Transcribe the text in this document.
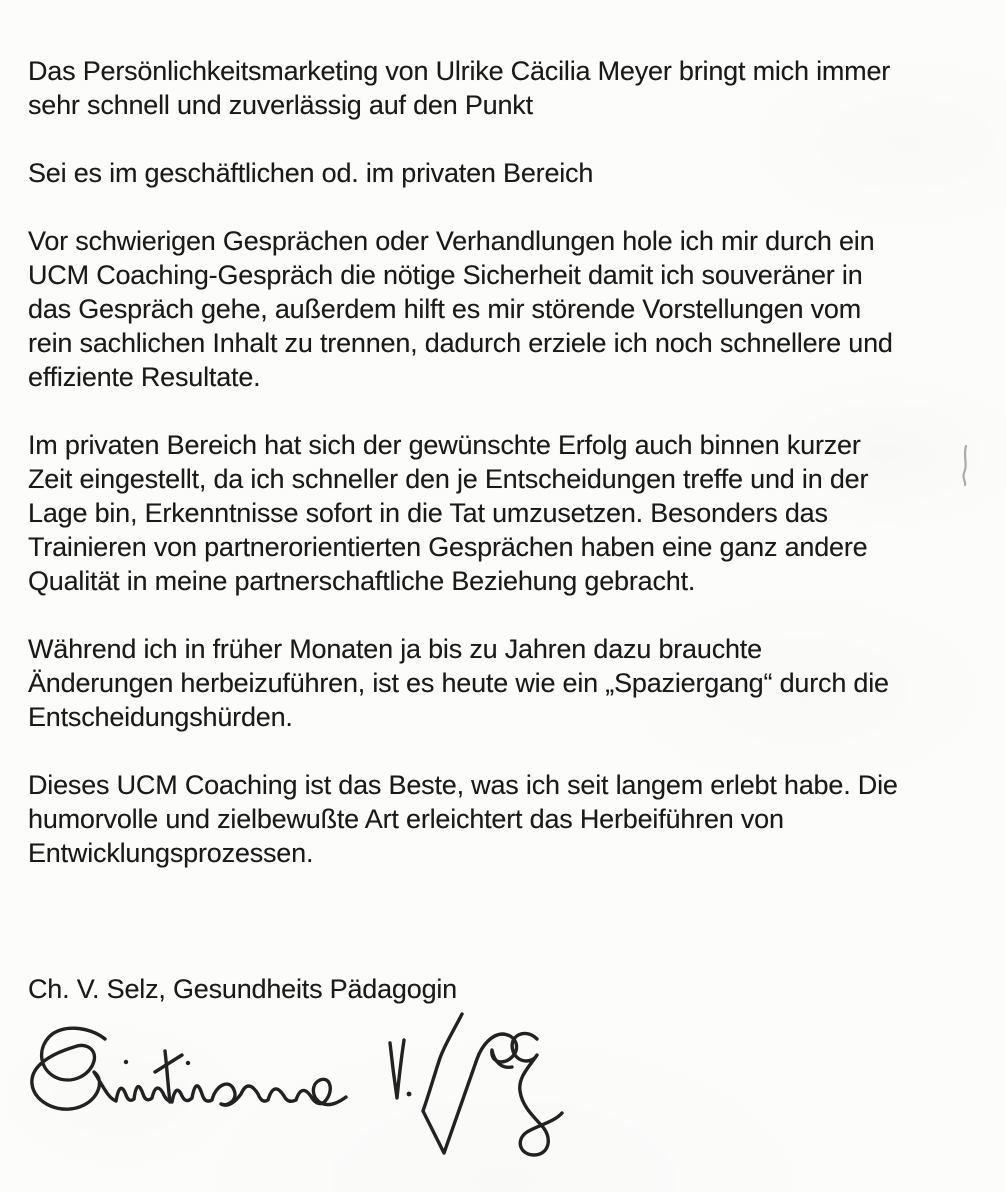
Das Persönlichkeitsmarketing von Ulrike Cäcilia Meyer bringt mich immer
sehr schnell und zuverlässig auf den Punkt
Sei es im geschäftlichen od. im privaten Bereich
Vor schwierigen Gesprächen oder Verhandlungen hole ich mir durch ein
UCM Coaching-Gespräch die nötige Sicherheit damit ich souveräner in
das Gespräch gehe, außerdem hilft es mir störende Vorstellungen vom
rein sachlichen Inhalt zu trennen, dadurch erziele ich noch schnellere und
effiziente Resultate.
Im privaten Bereich hat sich der gewünschte Erfolg auch binnen kurzer
Zeit eingestellt, da ich schneller den je Entscheidungen treffe und in der
Lage bin, Erkenntnisse sofort in die Tat umzusetzen. Besonders das
Trainieren von partnerorientierten Gesprächen haben eine ganz andere
Qualität in meine partnerschaftliche Beziehung gebracht.
Während ich in früher Monaten ja bis zu Jahren dazu brauchte
Änderungen herbeizuführen, ist es heute wie ein „Spaziergang“ durch die
Entscheidungshürden.
Dieses UCM Coaching ist das Beste, was ich seit langem erlebt habe. Die
humorvolle und zielbewußte Art erleichtert das Herbeiführen von
Entwicklungsprozessen.
Ch. V. Selz, Gesundheits Pädagogin
